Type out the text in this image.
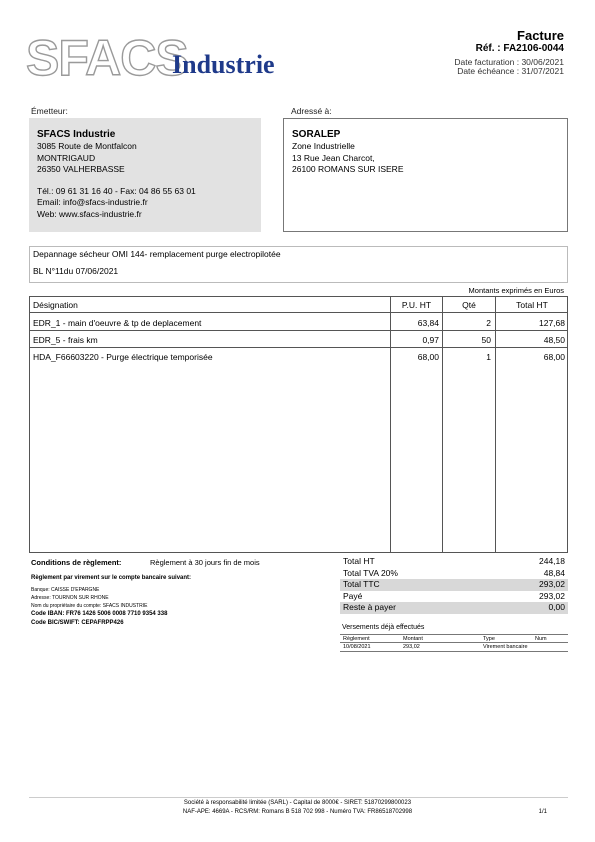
SFACS
Industrie
Facture
Réf. : FA2106-0044
Date facturation : 30/06/2021
Date échéance : 31/07/2021
Émetteur:	Adressé à:
SFACS Industrie
3085 Route de Montfalcon
MONTRIGAUD
26350 VALHERBASSE
Tél.: 09 61 31 16 40 - Fax: 04 86 55 63 01
Email: info@sfacs-industrie.fr
Web: www.sfacs-industrie.fr
SORALEP
Zone Industrielle
13 Rue Jean Charcot,
26100 ROMANS SUR ISERE
Depannage sécheur OMI 144- remplacement purge electropilotée
BL N°11du 07/06/2021
Montants exprimés en Euros
Désignation	P.U. HT	Qté	Total HT
EDR_1 - main d'oeuvre & tp de deplacement	63,84	2	127,68
EDR_5 - frais km	0,97	50	48,50
HDA_F66603220 - Purge électrique temporisée	68,00	1	68,00
Conditions de règlement:	Règlement à 30 jours fin de mois
Règlement par virement sur le compte bancaire suivant:
Banque: CAISSE D'EPARGNE
Adresse: TOURNON SUR RHONE
Nom du propriétaire du compte: SFACS INDUSTRIE
Code IBAN: FR76 1426 5006 0008 7710 9354 338
Code BIC/SWIFT: CEPAFRPP426
Total HT	244,18
Total TVA 20%	48,84
Total TTC	293,02
Payé	293,02
Reste à payer	0,00
Versements déjà effectués
Règlement	Montant	Type	Num
10/08/2021	293,02	Virement bancaire
Société à responsabilité limitée (SARL) - Capital de 8000€ - SIRET: 51870299800023
NAF-APE: 4669A - RCS/RM: Romans B 518 702 998 - Numéro TVA: FR86518702998	1/1
